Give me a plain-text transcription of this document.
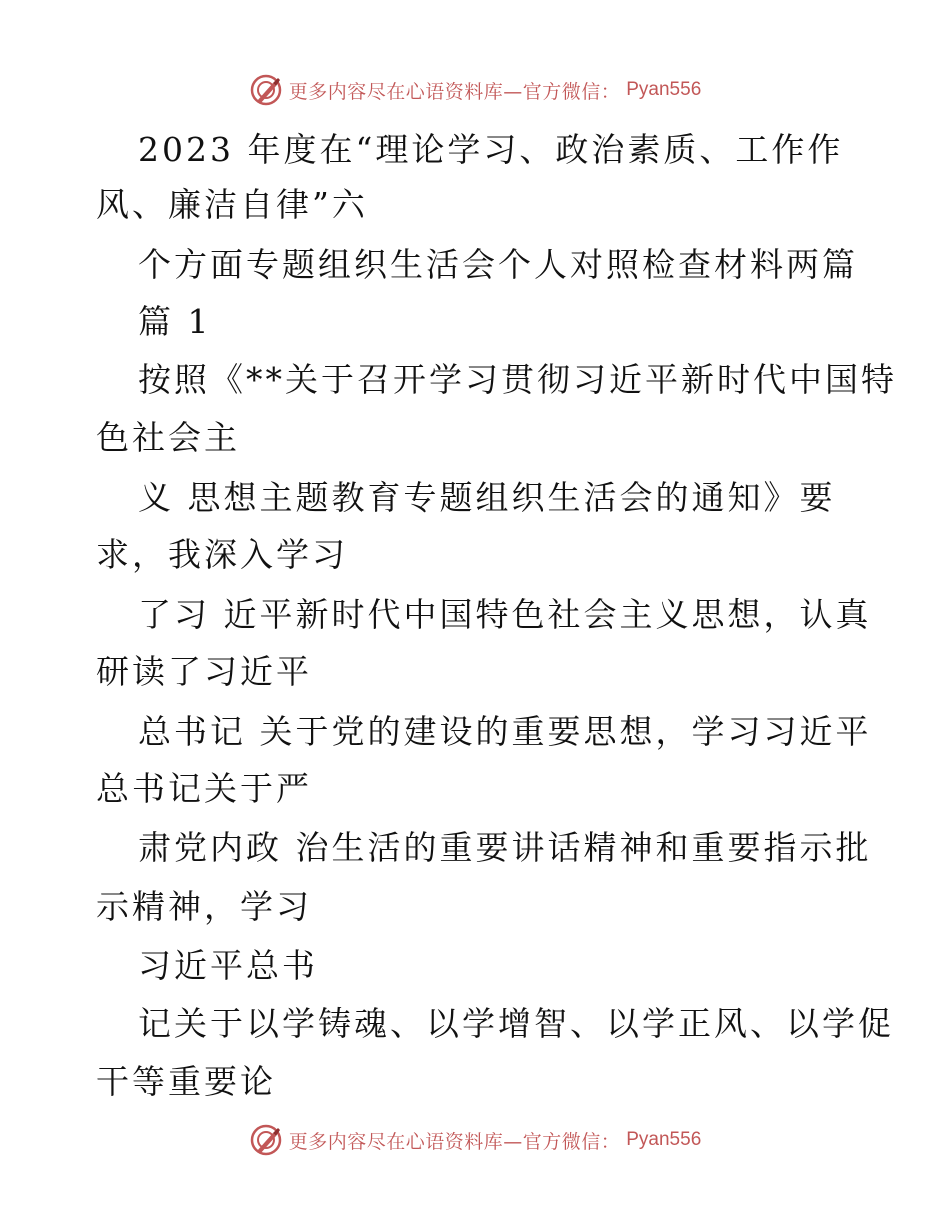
更多内容尽在心语资料库—官方微信： Pyan556
2023 年度在“理论学习、政治素质、工作作
风、廉洁自律”六
个方面专题组织生活会个人对照检查材料两篇
篇 1
按照《**关于召开学习贯彻习近平新时代中国特
色社会主
义 思想主题教育专题组织生活会的通知》要
求，我深入学习
了习 近平新时代中国特色社会主义思想，认真
研读了习近平
总书记 关于党的建设的重要思想，学习习近平
总书记关于严
肃党内政 治生活的重要讲话精神和重要指示批
示精神，学习
习近平总书
记关于以学铸魂、以学增智、以学正风、以学促
干等重要论
更多内容尽在心语资料库—官方微信： Pyan556
